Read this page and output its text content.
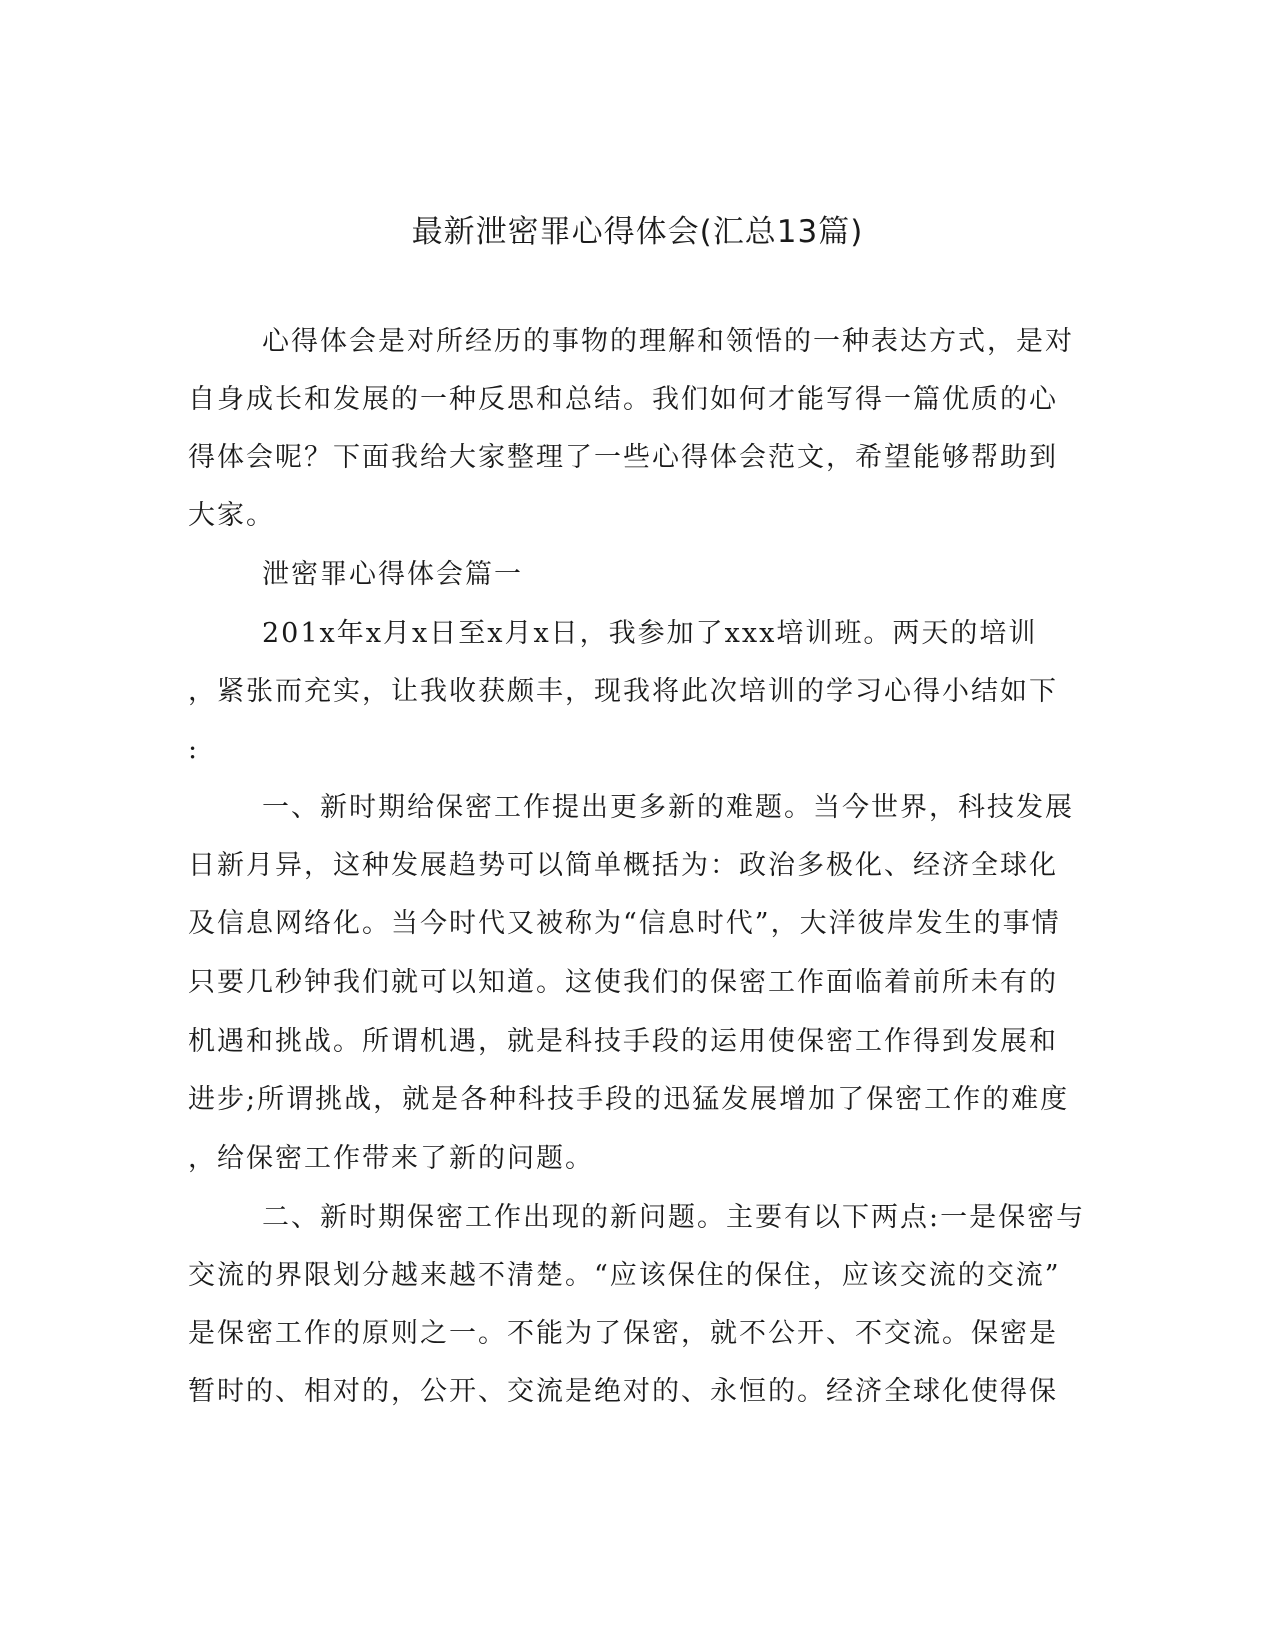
最新泄密罪心得体会(汇总13篇)

心得体会是对所经历的事物的理解和领悟的一种表达方式，是对

自身成长和发展的一种反思和总结。我们如何才能写得一篇优质的心

得体会呢？下面我给大家整理了一些心得体会范文，希望能够帮助到

大家。

泄密罪心得体会篇一

201x年x月x日至x月x日，我参加了xxx培训班。两天的培训

，紧张而充实，让我收获颇丰，现我将此次培训的学习心得小结如下

:

一、新时期给保密工作提出更多新的难题。当今世界，科技发展

日新月异，这种发展趋势可以简单概括为：政治多极化、经济全球化

及信息网络化。当今时代又被称为“信息时代”，大洋彼岸发生的事情

只要几秒钟我们就可以知道。这使我们的保密工作面临着前所未有的

机遇和挑战。所谓机遇，就是科技手段的运用使保密工作得到发展和

进步;所谓挑战，就是各种科技手段的迅猛发展增加了保密工作的难度

，给保密工作带来了新的问题。

二、新时期保密工作出现的新问题。主要有以下两点:一是保密与

交流的界限划分越来越不清楚。“应该保住的保住，应该交流的交流”

是保密工作的原则之一。不能为了保密，就不公开、不交流。保密是

暂时的、相对的，公开、交流是绝对的、永恒的。经济全球化使得保
